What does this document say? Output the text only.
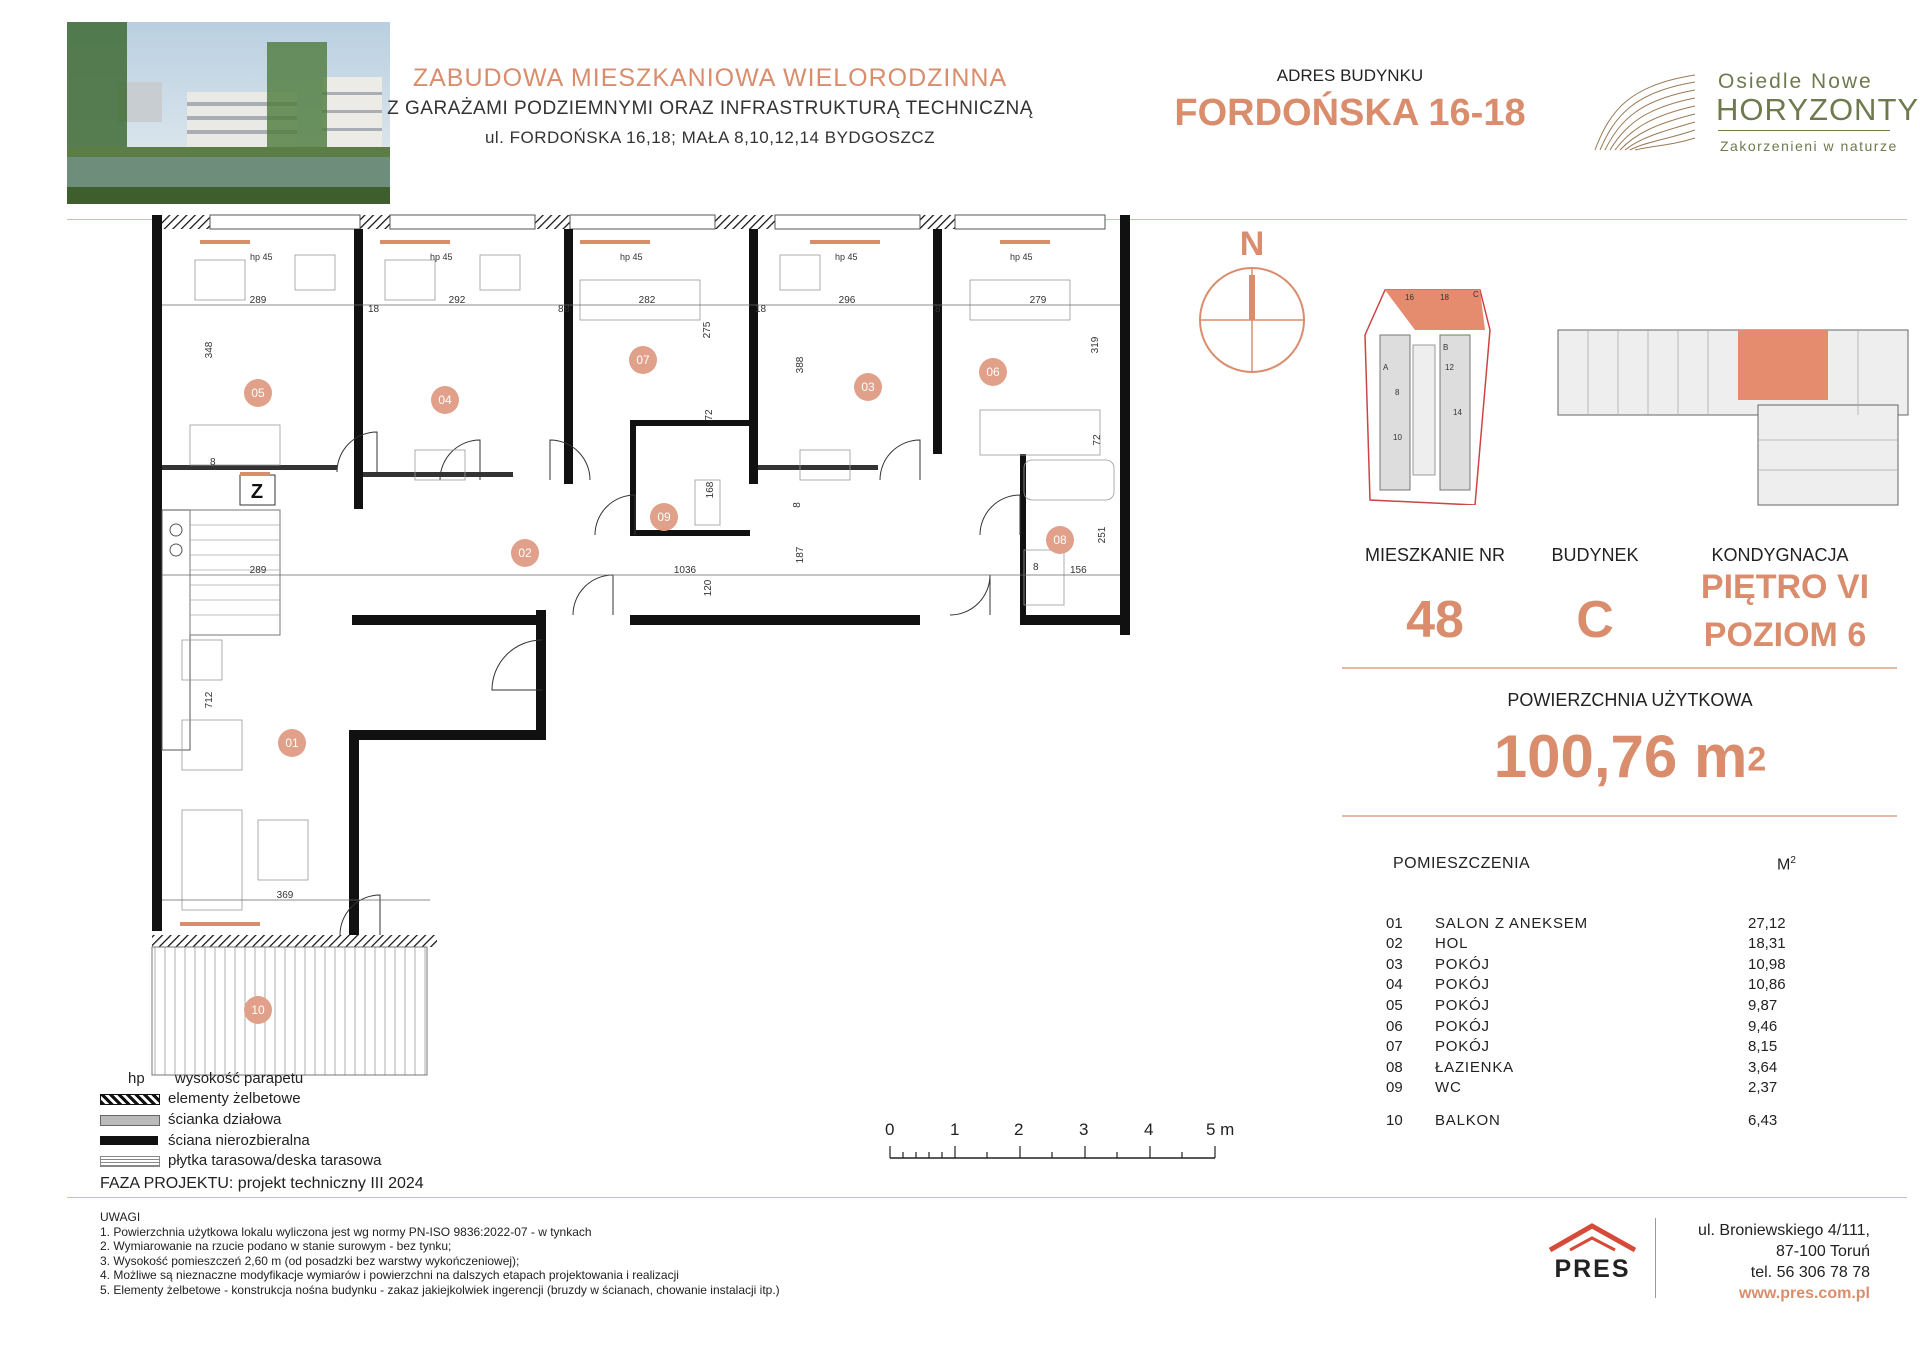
ZABUDOWA MIESZKANIOWA WIELORODZINNA
Z GARAŻAMI PODZIEMNYMI ORAZ INFRASTRUKTURĄ TECHNICZNĄ
ul. FORDOŃSKA 16,18; MAŁA 8,10,12,14 BYDGOSZCZ
ADRES BUDYNKU
FORDOŃSKA 16-18
Osiedle Nowe
HORYZONTY
Zakorzenieni w naturze
Z
hp 45	hp 45	hp 45	hp 45	hp 45
289	292	282	296	279
348
275
388
319
72
72
8
8
18	18
8	8
168
8
187
251
8	156
289	1036
120
712
369
01
02
03
04
05
06
07
08
09
10
N
16	18	C
A
B
8
12
14
10
MIESZKANIE NR	BUDYNEK	KONDYGNACJA
48	C
PIĘTRO VI
POZIOM 6
POWIERZCHNIA UŻYTKOWA
100,76 $m^2$
POMIESZCZENIA	$M^2$
01 SALON Z ANEKSEM	27,12
02 HOL	18,31
03 POKÓJ	10,98
04 POKÓJ	10,86
05 POKÓJ	9,87
06 POKÓJ	9,46
07 POKÓJ	8,15
08 ŁAZIENKA	3,64
09 WC	2,37
10 BALKON	6,43
hp wysokość parapetu
elementy żelbetowe
ścianka działowa
ściana nierozbieralna
płytka tarasowa/deska tarasowa
FAZA PROJEKTU: projekt techniczny III 2024
0	1	2	3	4	5 m
UWAGI
1. Powierzchnia użytkowa lokalu wyliczona jest wg normy PN-ISO 9836:2022-07 - w tynkach
2. Wymiarowanie na rzucie podano w stanie surowym - bez tynku;
3. Wysokość pomieszczeń 2,60 m (od posadzki bez warstwy wykończeniowej);
4. Możliwe są nieznaczne modyfikacje wymiarów i powierzchni na dalszych etapach projektowania i realizacji
5. Elementy żelbetowe - konstrukcja nośna budynku - zakaz jakiejkolwiek ingerencji (bruzdy w ścianach, chowanie instalacji itp.)
PRES
ul. Broniewskiego 4/111,
87-100 Toruń
tel. 56 306 78 78
www.pres.com.pl
